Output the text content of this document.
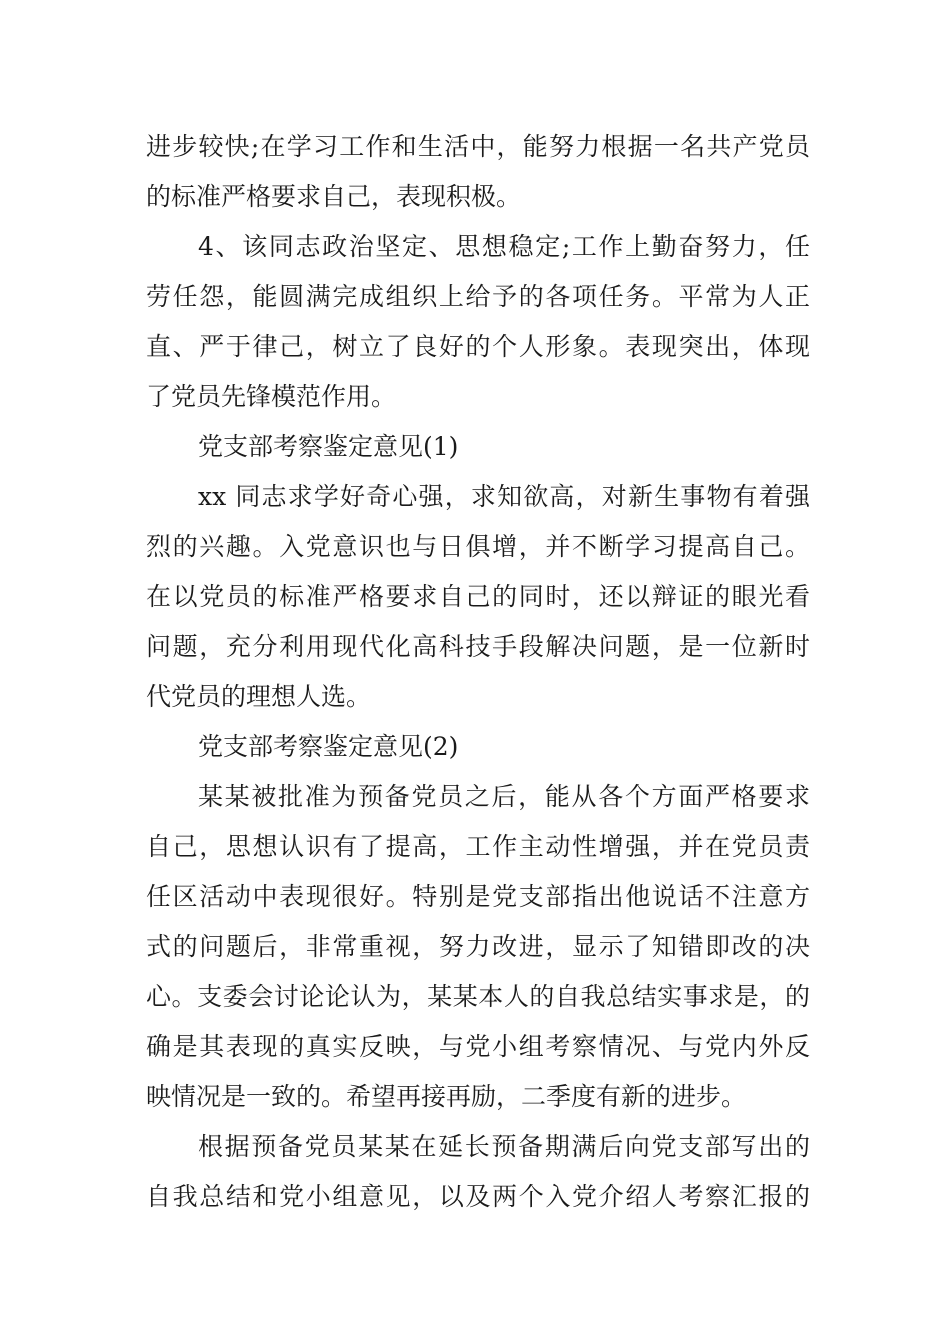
进步较快;在学习工作和生活中，能努力根据一名共产党员
的标准严格要求自己，表现积极。
4、该同志政治坚定、思想稳定;工作上勤奋努力，任
劳任怨，能圆满完成组织上给予的各项任务。平常为人正
直、严于律己，树立了良好的个人形象。表现突出，体现
了党员先锋模范作用。
党支部考察鉴定意见(1)
xx 同志求学好奇心强，求知欲高，对新生事物有着强
烈的兴趣。入党意识也与日俱增，并不断学习提高自己。
在以党员的标准严格要求自己的同时，还以辩证的眼光看
问题，充分利用现代化高科技手段解决问题，是一位新时
代党员的理想人选。
党支部考察鉴定意见(2)
某某被批准为预备党员之后，能从各个方面严格要求
自己，思想认识有了提高，工作主动性增强，并在党员责
任区活动中表现很好。特别是党支部指出他说话不注意方
式的问题后，非常重视，努力改进，显示了知错即改的决
心。支委会讨论论认为，某某本人的自我总结实事求是，的
确是其表现的真实反映，与党小组考察情况、与党内外反
映情况是一致的。希望再接再励，二季度有新的进步。
根据预备党员某某在延长预备期满后向党支部写出的
自我总结和党小组意见，以及两个入党介绍人考察汇报的
